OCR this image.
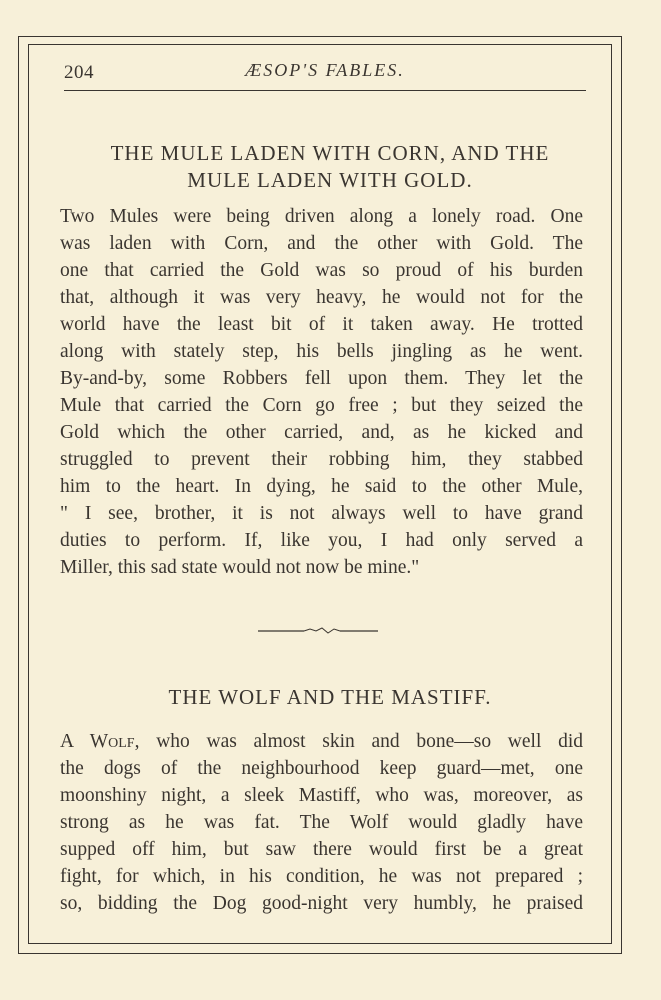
204	ÆSOP'S FABLES.
THE MULE LADEN WITH CORN, AND THE
MULE LADEN WITH GOLD.
Two Mules were being driven along a lonely road. One
was laden with Corn, and the other with Gold. The
one that carried the Gold was so proud of his burden
that, although it was very heavy, he would not for the
world have the least bit of it taken away. He trotted
along with stately step, his bells jingling as he went.
By-and-by, some Robbers fell upon them. They let the
Mule that carried the Corn go free ; but they seized the
Gold which the other carried, and, as he kicked and
struggled to prevent their robbing him, they stabbed
him to the heart. In dying, he said to the other Mule,
" I see, brother, it is not always well to have grand
duties to perform. If, like you, I had only served a
Miller, this sad state would not now be mine."
THE WOLF AND THE MASTIFF.
A Wolf, who was almost skin and bone—so well did
the dogs of the neighbourhood keep guard—met, one
moonshiny night, a sleek Mastiff, who was, moreover, as
strong as he was fat. The Wolf would gladly have
supped off him, but saw there would first be a great
fight, for which, in his condition, he was not prepared ;
so, bidding the Dog good-night very humbly, he praised
